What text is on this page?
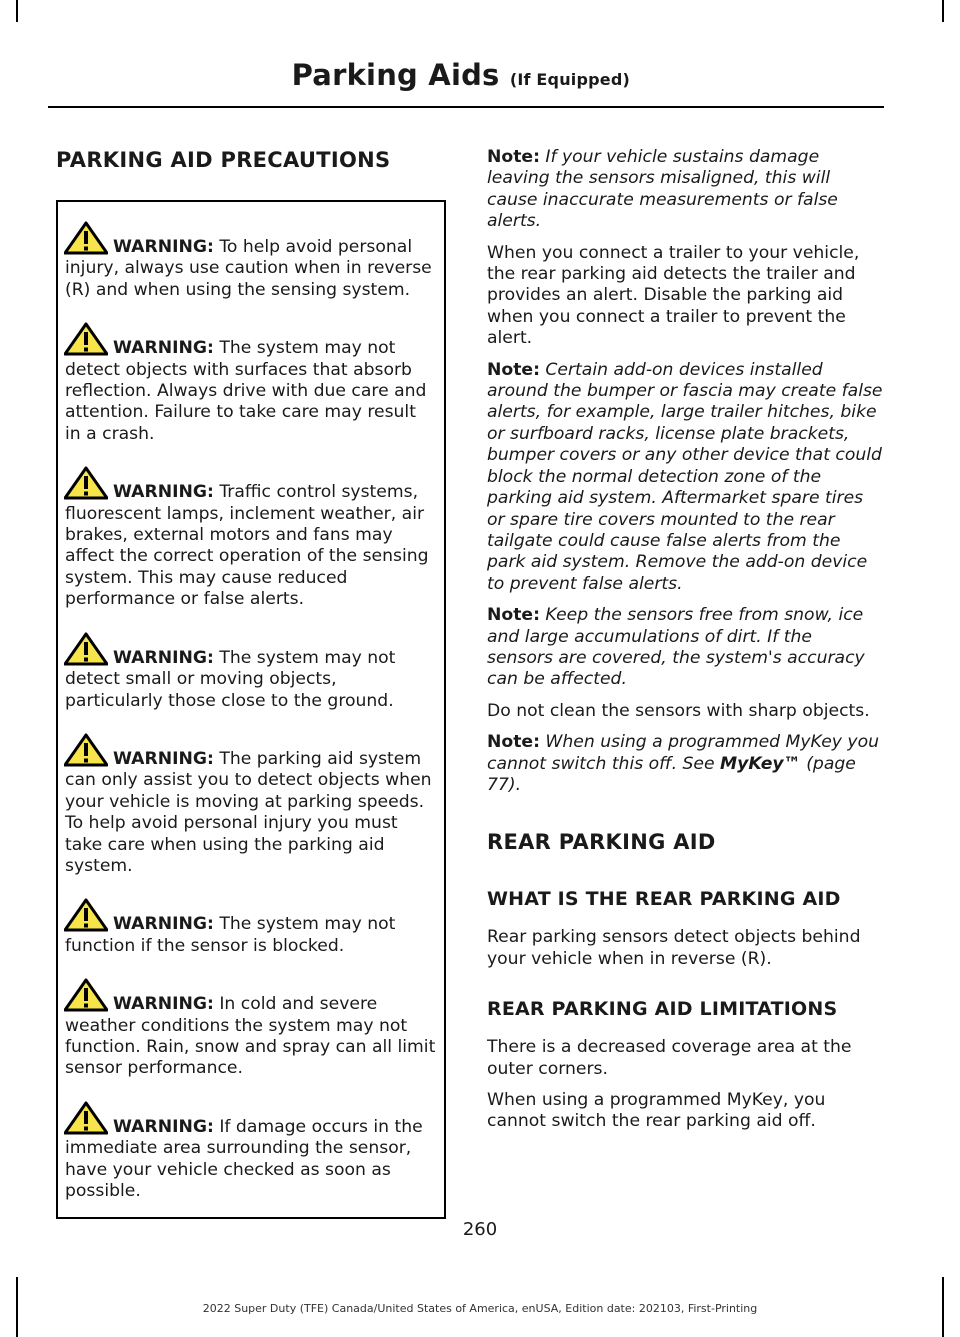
Parking Aids (If Equipped)
PARKING AID PRECAUTIONS
WARNING: To help avoid personal injury, always use caution when in reverse (R) and when using the sensing system.
WARNING: The system may not detect objects with surfaces that absorb reflection. Always drive with due care and attention. Failure to take care may result in a crash.
WARNING: Traffic control systems, fluorescent lamps, inclement weather, air brakes, external motors and fans may affect the correct operation of the sensing system. This may cause reduced performance or false alerts.
WARNING: The system may not detect small or moving objects, particularly those close to the ground.
WARNING: The parking aid system can only assist you to detect objects when your vehicle is moving at parking speeds. To help avoid personal injury you must take care when using the parking aid system.
WARNING: The system may not function if the sensor is blocked.
WARNING: In cold and severe weather conditions the system may not function. Rain, snow and spray can all limit sensor performance.
WARNING: If damage occurs in the immediate area surrounding the sensor, have your vehicle checked as soon as possible.

Note: If your vehicle sustains damage leaving the sensors misaligned, this will cause inaccurate measurements or false alerts.

When you connect a trailer to your vehicle, the rear parking aid detects the trailer and provides an alert. Disable the parking aid when you connect a trailer to prevent the alert.

Note: Certain add-on devices installed around the bumper or fascia may create false alerts, for example, large trailer hitches, bike or surfboard racks, license plate brackets, bumper covers or any other device that could block the normal detection zone of the parking aid system. Aftermarket spare tires or spare tire covers mounted to the rear tailgate could cause false alerts from the park aid system. Remove the add-on device to prevent false alerts.

Note: Keep the sensors free from snow, ice and large accumulations of dirt. If the sensors are covered, the system's accuracy can be affected.

Do not clean the sensors with sharp objects.

Note: When using a programmed MyKey you cannot switch this off. See MyKey™ (page 77).

REAR PARKING AID
WHAT IS THE REAR PARKING AID

Rear parking sensors detect objects behind your vehicle when in reverse (R).

REAR PARKING AID LIMITATIONS

There is a decreased coverage area at the outer corners.

When using a programmed MyKey, you cannot switch the rear parking aid off.

260
2022 Super Duty (TFE) Canada/United States of America, enUSA, Edition date: 202103, First-Printing
